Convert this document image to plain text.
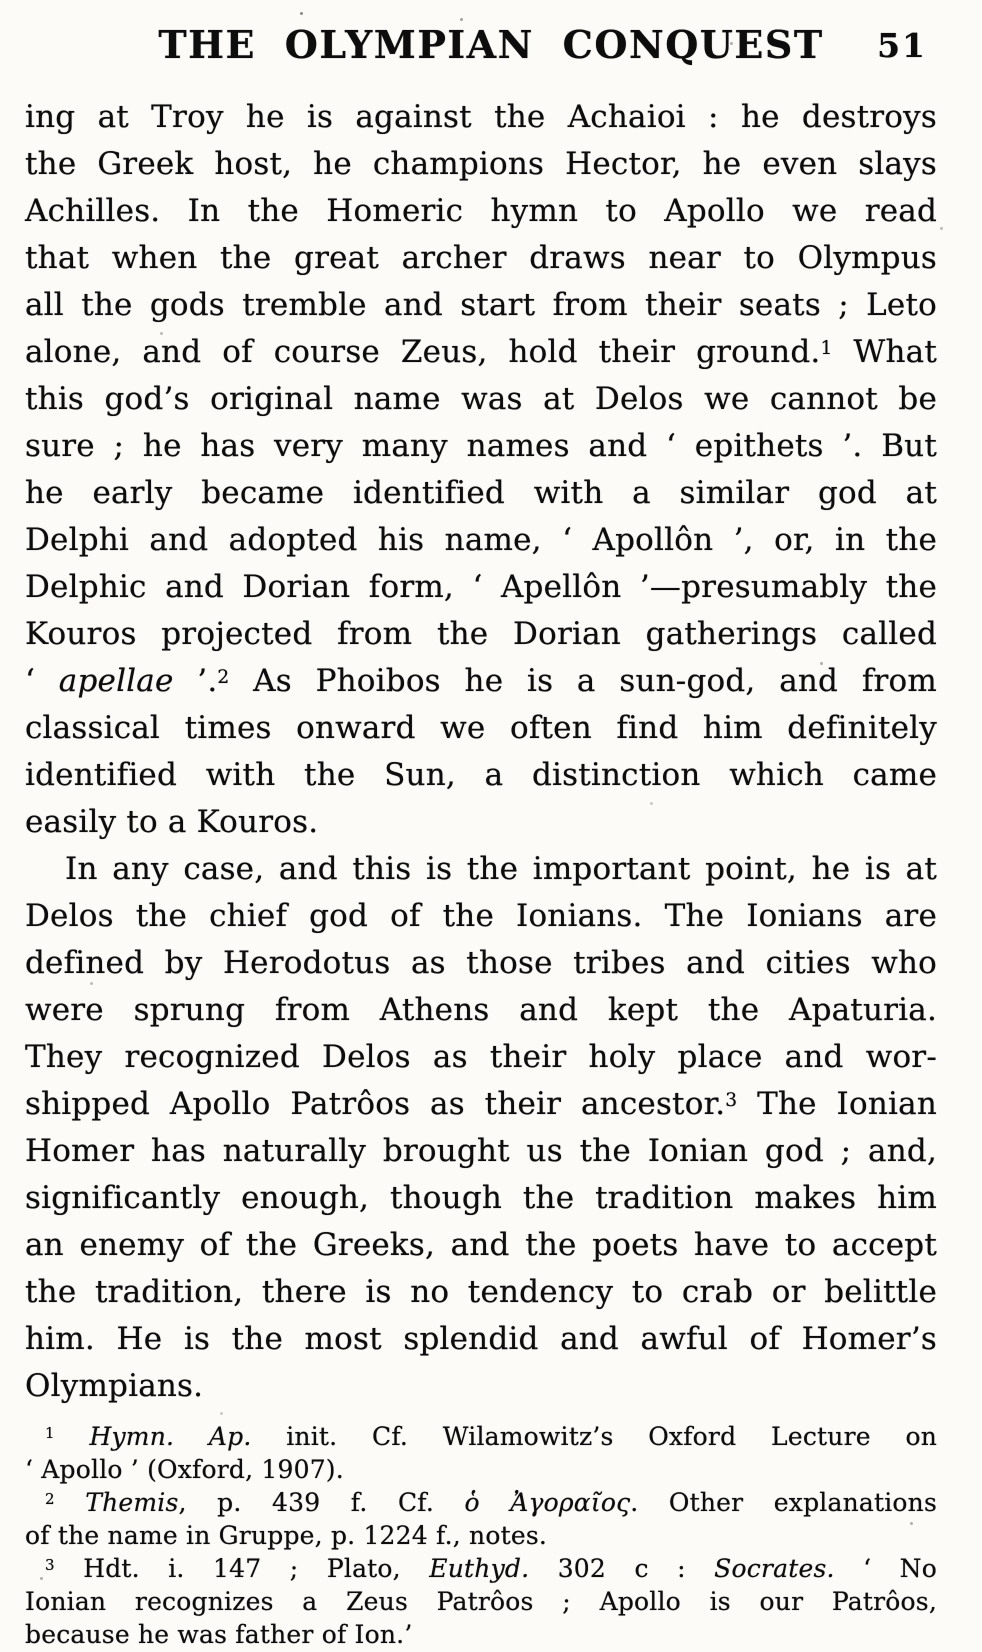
THE OLYMPIAN CONQUEST	51
ing at Troy he is against the Achaioi : he destroys
the Greek host, he champions Hector, he even slays
Achilles. In the Homeric hymn to Apollo we read
that when the great archer draws near to Olympus
all the gods tremble and start from their seats ; Leto
alone, and of course Zeus, hold their ground.$^1$ What
this god’s original name was at Delos we cannot be
sure ; he has very many names and ‘ epithets ’. But
he early became identified with a similar god at
Delphi and adopted his name, ‘ Apollôn ’, or, in the
Delphic and Dorian form, ‘ Apellôn ’—presumably the
Kouros projected from the Dorian gatherings called
‘ apellae ’.$^2$ As Phoibos he is a sun-god, and from
classical times onward we often find him definitely
identified with the Sun, a distinction which came
easily to a Kouros.
In any case, and this is the important point, he is at
Delos the chief god of the Ionians. The Ionians are
defined by Herodotus as those tribes and cities who
were sprung from Athens and kept the Apaturia.
They recognized Delos as their holy place and wor-
shipped Apollo Patrôos as their ancestor.$^3$ The Ionian
Homer has naturally brought us the Ionian god ; and,
significantly enough, though the tradition makes him
an enemy of the Greeks, and the poets have to accept
the tradition, there is no tendency to crab or belittle
him. He is the most splendid and awful of Homer’s
Olympians.
$^1$ Hymn. Ap. init. Cf. Wilamowitz’s Oxford Lecture on
‘ Apollo ’ (Oxford, 1907).
$^2$ Themis, p. 439 f. Cf. ὁ Ἀγοραῖος. Other explanations
of the name in Gruppe, p. 1224 f., notes.
$^3$ Hdt. i. 147 ; Plato, Euthyd. 302 c : Socrates. ‘ No
Ionian recognizes a Zeus Patrôos ; Apollo is our Patrôos,
because he was father of Ion.’
